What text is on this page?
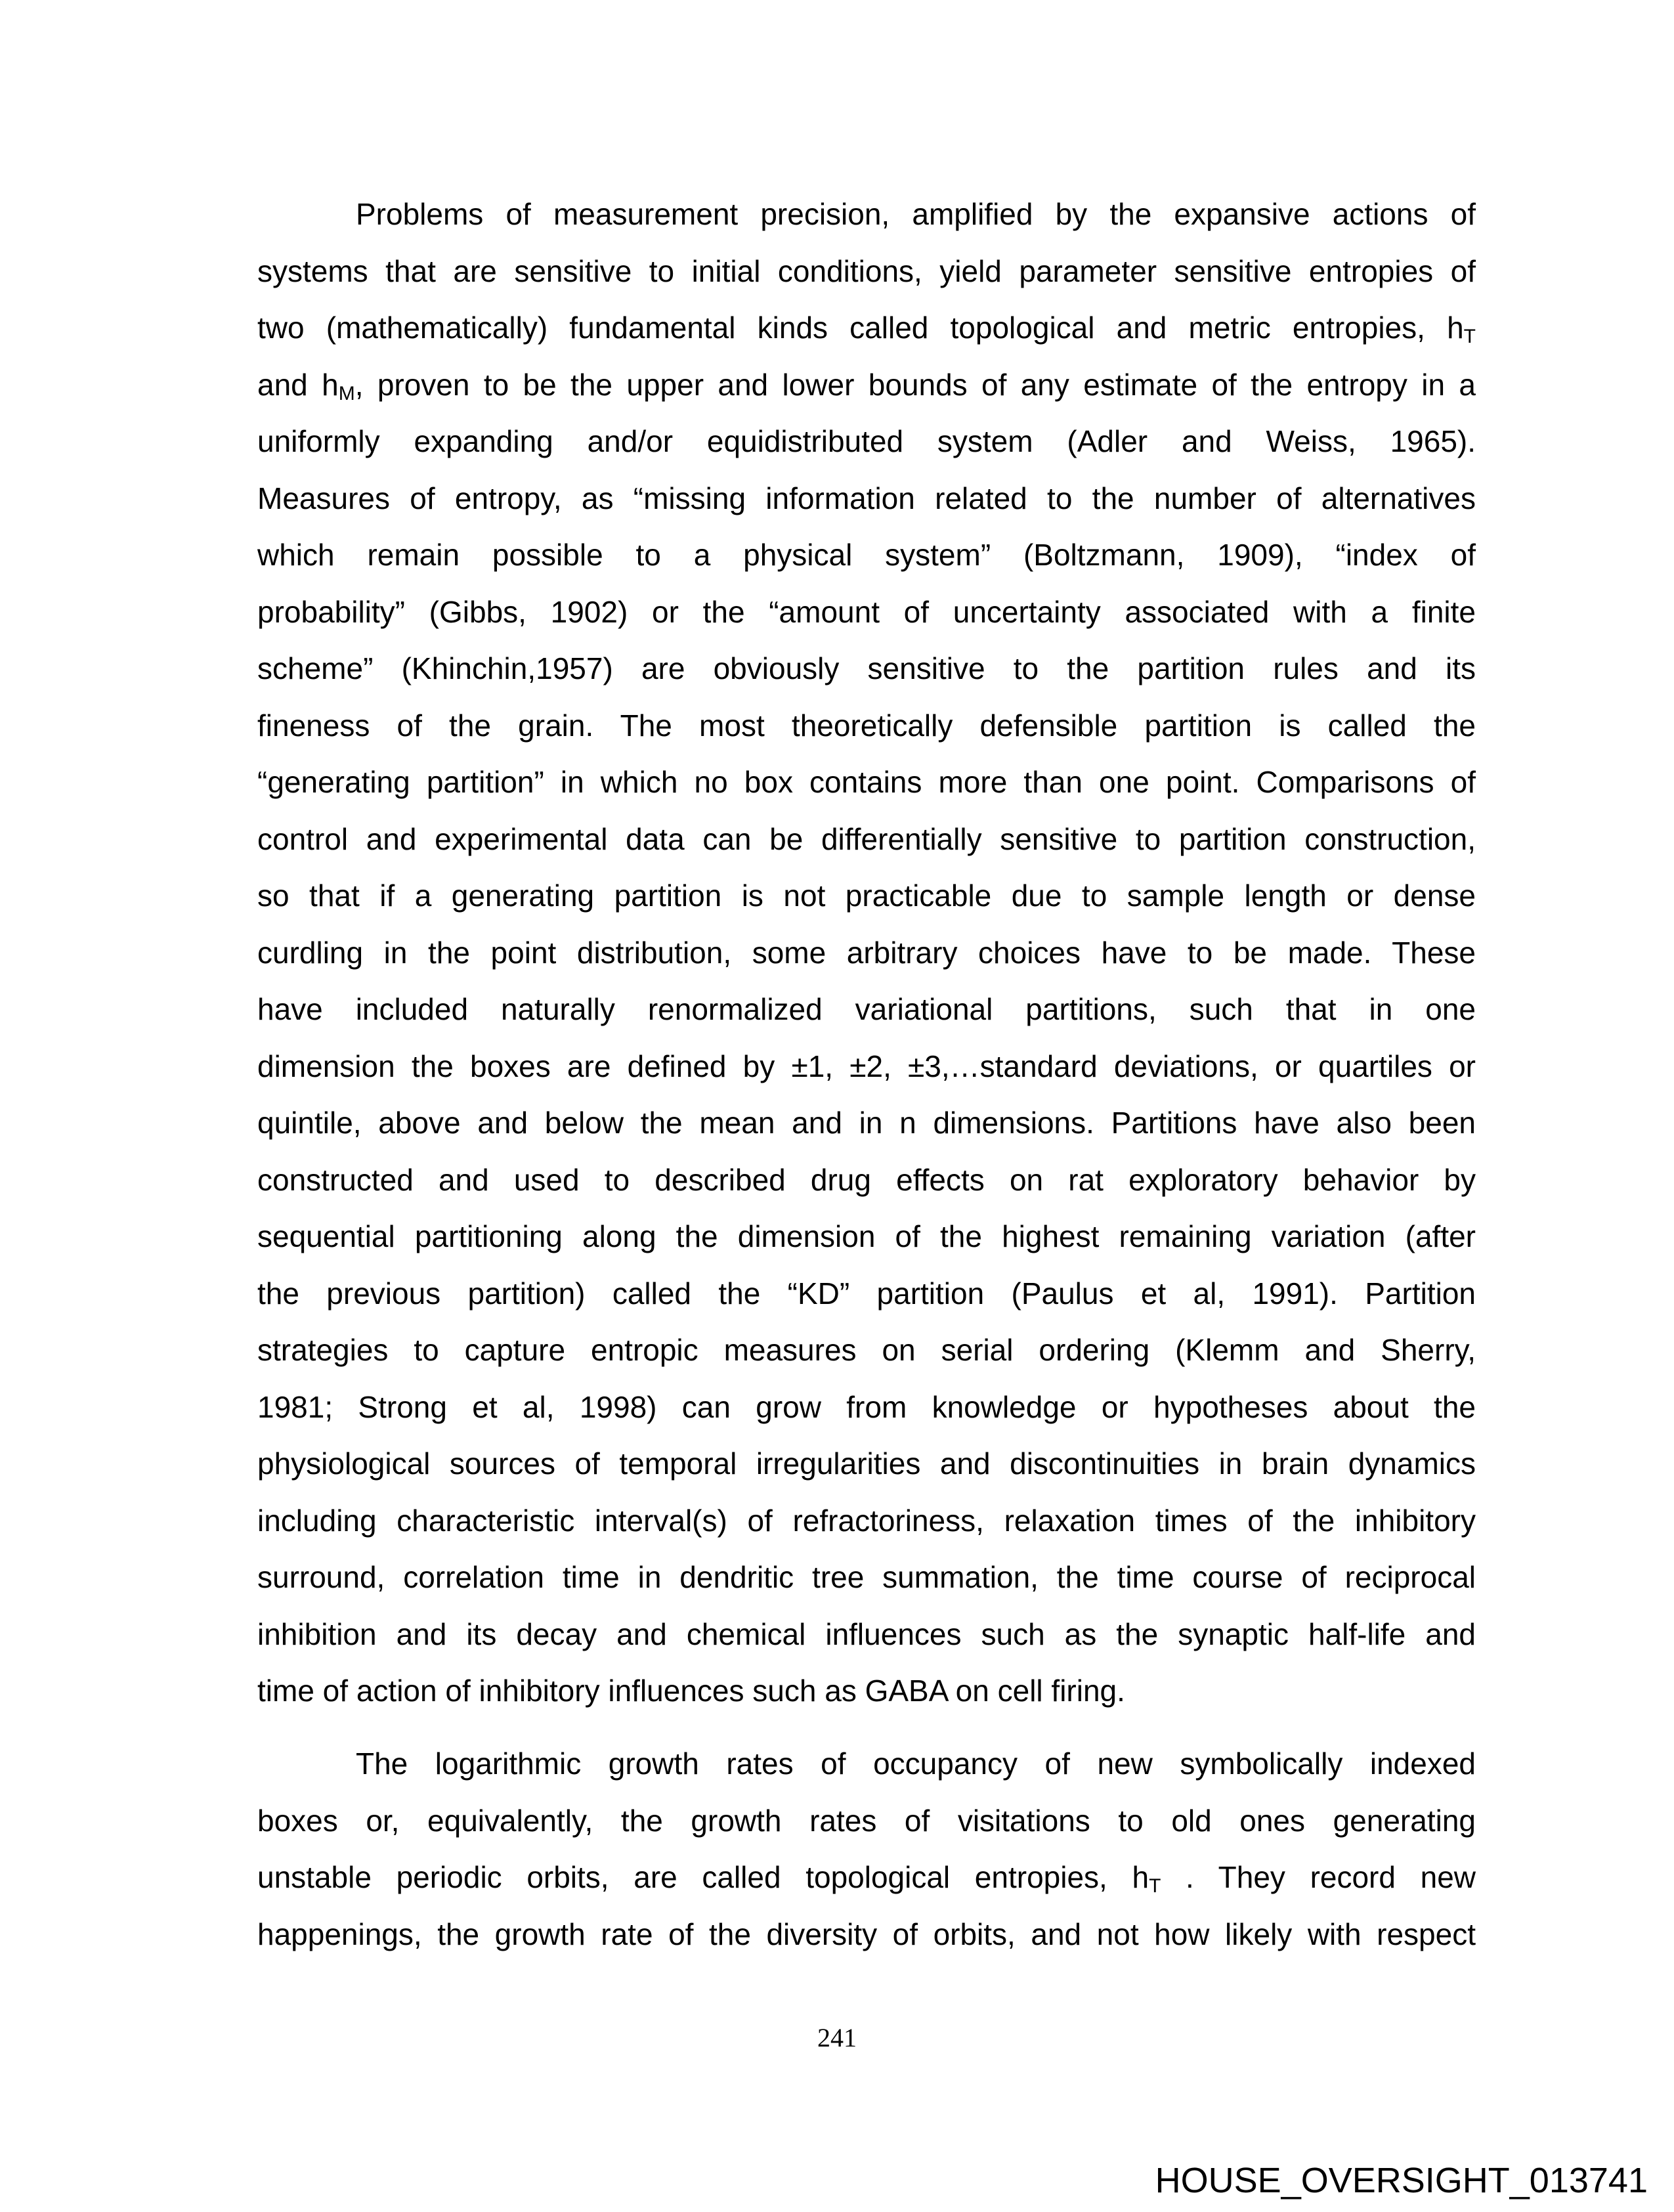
Problems of measurement precision, amplified by the expansive actions of
systems that are sensitive to initial conditions, yield parameter sensitive entropies of
two (mathematically) fundamental kinds called topological and metric entropies, $h_T$
and $h_M$, proven to be the upper and lower bounds of any estimate of the entropy in a
uniformly expanding and/or equidistributed system (Adler and Weiss, 1965).
Measures of entropy, as “missing information related to the number of alternatives
which remain possible to a physical system” (Boltzmann, 1909), “index of
probability” (Gibbs, 1902) or the “amount of uncertainty associated with a finite
scheme” (Khinchin,1957) are obviously sensitive to the partition rules and its
fineness of the grain. The most theoretically defensible partition is called the
“generating partition” in which no box contains more than one point. Comparisons of
control and experimental data can be differentially sensitive to partition construction,
so that if a generating partition is not practicable due to sample length or dense
curdling in the point distribution, some arbitrary choices have to be made. These
have included naturally renormalized variational partitions, such that in one
dimension the boxes are defined by ±1, ±2, ±3,…standard deviations, or quartiles or
quintile, above and below the mean and in n dimensions. Partitions have also been
constructed and used to described drug effects on rat exploratory behavior by
sequential partitioning along the dimension of the highest remaining variation (after
the previous partition) called the “KD” partition (Paulus et al, 1991). Partition
strategies to capture entropic measures on serial ordering (Klemm and Sherry,
1981; Strong et al, 1998) can grow from knowledge or hypotheses about the
physiological sources of temporal irregularities and discontinuities in brain dynamics
including characteristic interval(s) of refractoriness, relaxation times of the inhibitory
surround, correlation time in dendritic tree summation, the time course of reciprocal
inhibition and its decay and chemical influences such as the synaptic half-life and
time of action of inhibitory influences such as GABA on cell firing.
The logarithmic growth rates of occupancy of new symbolically indexed
boxes or, equivalently, the growth rates of visitations to old ones generating
unstable periodic orbits, are called topological entropies, $h_T$ . They record new
happenings, the growth rate of the diversity of orbits, and not how likely with respect
241
HOUSE_OVERSIGHT_013741
